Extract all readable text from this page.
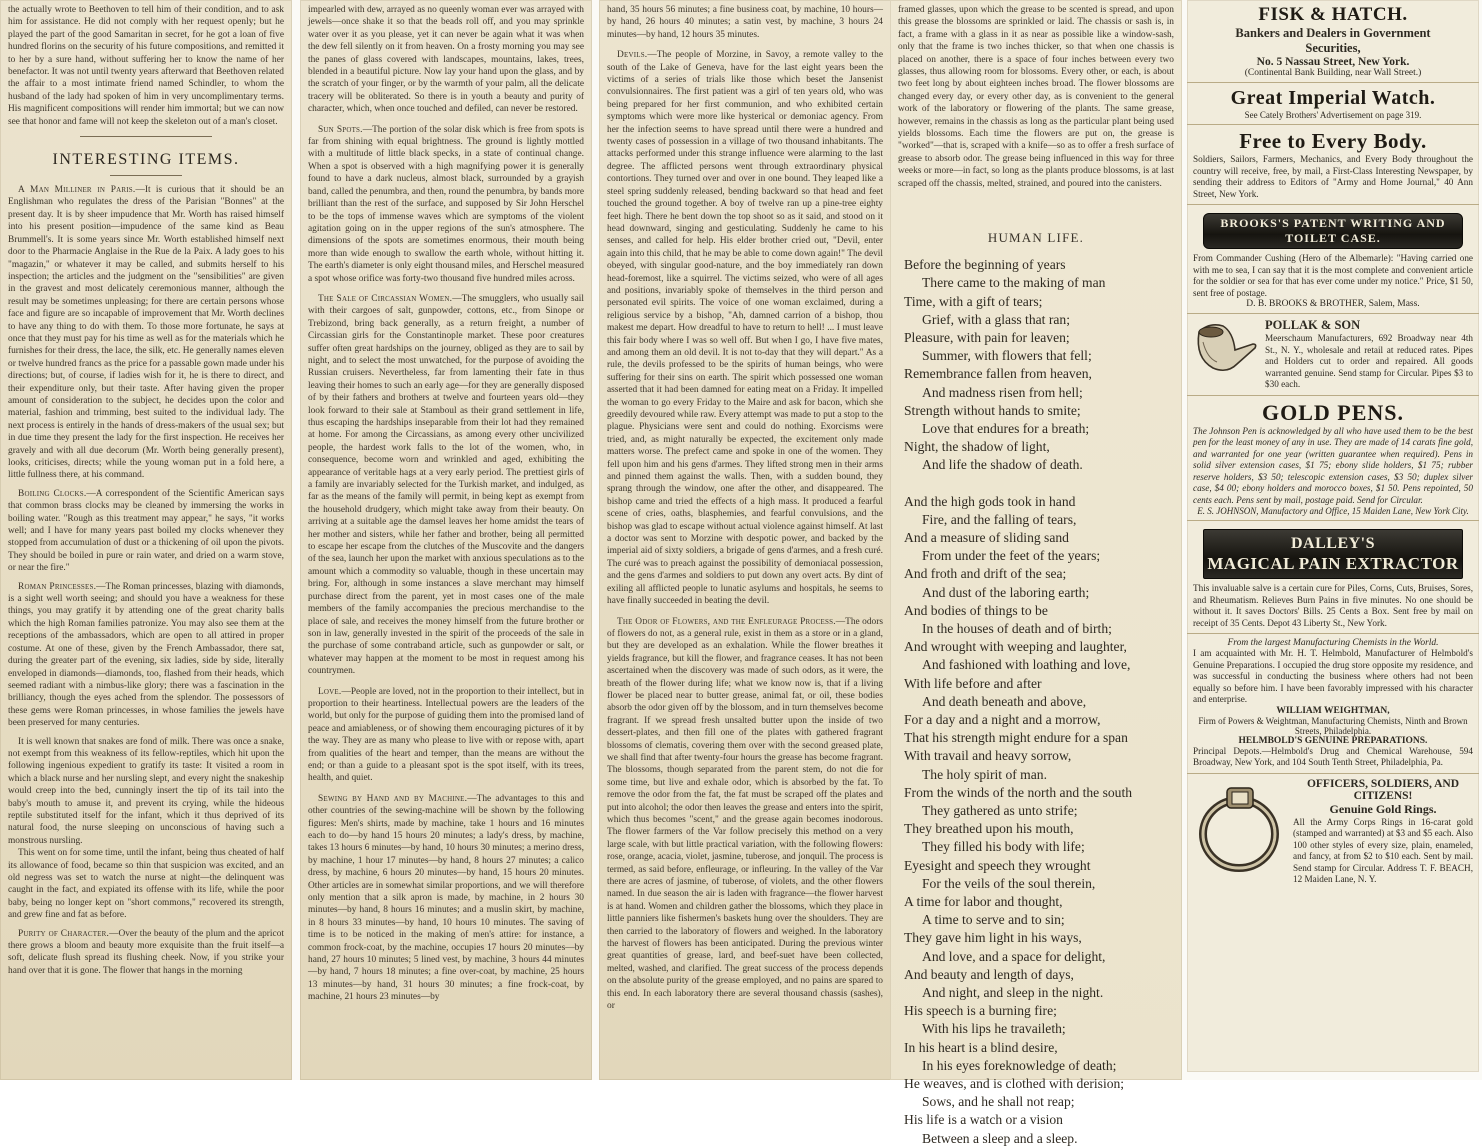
the actually wrote to Beethoven to tell him of their condition, and to ask him for assistance. He did not comply with her request openly; but he played the part of the good Samaritan in secret, for he got a loan of five hundred florins on the security of his future compositions, and remitted it to her by a sure hand, without suffering her to know the name of her benefactor. It was not until twenty years afterward that Beethoven related the affair to a most intimate friend named Schindler, to whom the husband of the lady had spoken of him in very uncomplimentary terms. His magnificent compositions will render him immortal; but we can now see that honor and fame will not keep the skeleton out of a man's closet.

INTERESTING ITEMS.

A Man Milliner in Paris.—It is curious that it should be an Englishman who regulates the dress of the Parisian "Bonnes" at the present day. It is by sheer impudence that Mr. Worth has raised himself into his present position—impudence of the same kind as Beau Brummell's. It is some years since Mr. Worth established himself next door to the Pharmacie Anglaise in the Rue de la Paix. A lady goes to his "magazin," or whatever it may be called, and submits herself to his inspection; the articles and the judgment on the "sensibilities" are given in the gravest and most delicately ceremonious manner, although the result may be sometimes unpleasing; for there are certain persons whose face and figure are so incapable of improvement that Mr. Worth declines to have any thing to do with them. To those more fortunate, he says at once that they must pay for his time as well as for the materials which he furnishes for their dress, the lace, the silk, etc. He generally names eleven or twelve hundred francs as the price for a passable gown made under his directions; but, of course, if ladies wish for it, he is there to direct, and their expenditure only, but their taste. After having given the proper amount of consideration to the subject, he decides upon the color and material, fashion and trimming, best suited to the individual lady. The next process is entirely in the hands of dress-makers of the usual sex; but in due time they present the lady for the first inspection. He receives her gravely and with all due decorum (Mr. Worth being generally present), looks, criticises, directs; while the young woman put in a fold here, a little fullness there, at his command.

Boiling Clocks.—A correspondent of the Scientific American says that common brass clocks may be cleaned by immersing the works in boiling water. "Rough as this treatment may appear," he says, "it works well; and I have for many years past boiled my clocks whenever they stopped from accumulation of dust or a thickening of oil upon the pivots. They should be boiled in pure or rain water, and dried on a warm stove, or near the fire."

Roman Princesses.—The Roman princesses, blazing with diamonds, is a sight well worth seeing; and should you have a weakness for these things, you may gratify it by attending one of the great charity balls which the high Roman families patronize. You may also see them at the receptions of the ambassadors, which are open to all attired in proper costume. At one of these, given by the French Ambassador, there sat, during the greater part of the evening, six ladies, side by side, literally enveloped in diamonds—diamonds, too, flashed from their heads, which seemed radiant with a nimbus-like glory; there was a fascination in the brilliancy, though the eyes ached from the splendor. The possessors of these gems were Roman princesses, in whose families the jewels have been preserved for many centuries.

It is well known that snakes are fond of milk. There was once a snake, not exempt from this weakness of its fellow-reptiles, which hit upon the following ingenious expedient to gratify its taste: It visited a room in which a black nurse and her nursling slept, and every night the snakeship would creep into the bed, cunningly insert the tip of its tail into the baby's mouth to amuse it, and prevent its crying, while the hideous reptile substituted itself for the infant, which it thus deprived of its natural food, the nurse sleeping on unconscious of having such a monstrous nursling.

This went on for some time, until the infant, being thus cheated of half its allowance of food, became so thin that suspicion was excited, and an old negress was set to watch the nurse at night—the delinquent was caught in the fact, and expiated its offense with its life, while the poor baby, being no longer kept on "short commons," recovered its strength, and grew fine and fat as before.

Purity of Character.—Over the beauty of the plum and the apricot there grows a bloom and beauty more exquisite than the fruit itself—a soft, delicate flush spread its flushing cheek. Now, if you strike your hand over that it is gone. The flower that hangs in the morning

impearled with dew, arrayed as no queenly woman ever was arrayed with jewels—once shake it so that the beads roll off, and you may sprinkle water over it as you please, yet it can never be again what it was when the dew fell silently on it from heaven. On a frosty morning you may see the panes of glass covered with landscapes, mountains, lakes, trees, blended in a beautiful picture. Now lay your hand upon the glass, and by the scratch of your finger, or by the warmth of your palm, all the delicate tracery will be obliterated. So there is in youth a beauty and purity of character, which, when once touched and defiled, can never be restored.

Sun Spots.—The portion of the solar disk which is free from spots is far from shining with equal brightness. The ground is lightly mottled with a multitude of little black specks, in a state of continual change. When a spot is observed with a high magnifying power it is generally found to have a dark nucleus, almost black, surrounded by a grayish band, called the penumbra, and then, round the penumbra, by bands more brilliant than the rest of the surface, and supposed by Sir John Herschel to be the tops of immense waves which are symptoms of the violent agitation going on in the upper regions of the sun's atmosphere. The dimensions of the spots are sometimes enormous, their mouth being more than wide enough to swallow the earth whole, without hitting it. The earth's diameter is only eight thousand miles, and Herschel measured a spot whose orifice was forty-two thousand five hundred miles across.

The Sale of Circassian Women.—The smugglers, who usually sail with their cargoes of salt, gunpowder, cottons, etc., from Sinope or Trebizond, bring back generally, as a return freight, a number of Circassian girls for the Constantinople market. These poor creatures suffer often great hardships on the journey, obliged as they are to sail by night, and to select the most unwatched, for the purpose of avoiding the Russian cruisers. Nevertheless, far from lamenting their fate in thus leaving their homes to such an early age—for they are generally disposed of by their fathers and brothers at twelve and fourteen years old—they look forward to their sale at Stamboul as their grand settlement in life, thus escaping the hardships inseparable from their lot had they remained at home. For among the Circassians, as among every other uncivilized people, the hardest work falls to the lot of the women, who, in consequence, become worn and wrinkled and aged, exhibiting the appearance of veritable hags at a very early period. The prettiest girls of a family are invariably selected for the Turkish market, and indulged, as far as the means of the family will permit, in being kept as exempt from the household drudgery, which might take away from their beauty. On arriving at a suitable age the damsel leaves her home amidst the tears of her mother and sisters, while her father and brother, being all permitted to escape her escape from the clutches of the Muscovite and the dangers of the sea, launch her upon the market with anxious speculations as to the amount which a commodity so valuable, though in these uncertain may bring. For, although in some instances a slave merchant may himself purchase direct from the parent, yet in most cases one of the male members of the family accompanies the precious merchandise to the place of sale, and receives the money himself from the future brother or son in law, generally invested in the spirit of the proceeds of the sale in the purchase of some contraband article, such as gunpowder or salt, or whatever may happen at the moment to be most in request among his countrymen.

Love.—People are loved, not in the proportion to their intellect, but in proportion to their heartiness. Intellectual powers are the leaders of the world, but only for the purpose of guiding them into the promised land of peace and amiableness, or of showing them encouraging pictures of it by the way. They are as many who please to live with or repose with, apart from qualities of the heart and temper, than the means are without the end; or than a guide to a pleasant spot is the spot itself, with its trees, health, and quiet.

Sewing by Hand and by Machine.—The advantages to this and other countries of the sewing-machine will be shown by the following figures: Men's shirts, made by machine, take 1 hours and 16 minutes each to do—by hand 15 hours 20 minutes; a lady's dress, by machine, takes 13 hours 6 minutes—by hand, 10 hours 30 minutes; a merino dress, by machine, 1 hour 17 minutes—by hand, 8 hours 27 minutes; a calico dress, by machine, 6 hours 20 minutes—by hand, 15 hours 20 minutes. Other articles are in somewhat similar proportions, and we will therefore only mention that a silk apron is made, by machine, in 2 hours 30 minutes—by hand, 8 hours 16 minutes; and a muslin skirt, by machine, in 8 hours 33 minutes—by hand, 10 hours 10 minutes. The saving of time is to be noticed in the making of men's attire: for instance, a common frock-coat, by the machine, occupies 17 hours 20 minutes—by hand, 27 hours 10 minutes; 5 lined vest, by machine, 3 hours 44 minutes—by hand, 7 hours 18 minutes; a fine over-coat, by machine, 25 hours 13 minutes—by hand, 31 hours 30 minutes; a fine frock-coat, by machine, 21 hours 23 minutes—by

hand, 35 hours 56 minutes; a fine business coat, by machine, 10 hours—by hand, 26 hours 40 minutes; a satin vest, by machine, 3 hours 24 minutes—by hand, 12 hours 35 minutes.

Devils.—The people of Morzine, in Savoy, a remote valley to the south of the Lake of Geneva, have for the last eight years been the victims of a series of trials like those which beset the Jansenist convulsionnaires. The first patient was a girl of ten years old, who was being prepared for her first communion, and who exhibited certain symptoms which were more like hysterical or demoniac agency. From her the infection seems to have spread until there were a hundred and twenty cases of possession in a village of two thousand inhabitants. The attacks performed under this strange influence were alarming to the last degree. The afflicted persons went through extraordinary physical contortions. They turned over and over in one bound. They leaped like a steel spring suddenly released, bending backward so that head and feet touched the ground together. A boy of twelve ran up a pine-tree eighty feet high. There he bent down the top shoot so as it said, and stood on it head downward, singing and gesticulating. Suddenly he came to his senses, and called for help. His elder brother cried out, "Devil, enter again into this child, that he may be able to come down again!" The devil obeyed, with singular good-nature, and the boy immediately ran down head-foremost, like a squirrel. The victims seized, who were of all ages and positions, invariably spoke of themselves in the third person and personated evil spirits. The voice of one woman exclaimed, during a religious service by a bishop, "Ah, damned carrion of a bishop, thou makest me depart. How dreadful to have to return to hell! ... I must leave this fair body where I was so well off. But when I go, I have five mates, and among them an old devil. It is not to-day that they will depart." As a rule, the devils professed to be the spirits of human beings, who were suffering for their sins on earth. The spirit which possessed one woman asserted that it had been damned for eating meat on a Friday. It impelled the woman to go every Friday to the Maire and ask for bacon, which she greedily devoured while raw. Every attempt was made to put a stop to the plague. Physicians were sent and could do nothing. Exorcisms were tried, and, as might naturally be expected, the excitement only made matters worse. The prefect came and spoke in one of the women. They fell upon him and his gens d'armes. They lifted strong men in their arms and pinned them against the walls. Then, with a sudden bound, they sprang through the window, one after the other, and disappeared. The bishop came and tried the effects of a high mass. It produced a fearful scene of cries, oaths, blasphemies, and fearful convulsions, and the bishop was glad to escape without actual violence against himself. At last a doctor was sent to Morzine with despotic power, and backed by the imperial aid of sixty soldiers, a brigade of gens d'armes, and a fresh curé. The curé was to preach against the possibility of demoniacal possession, and the gens d'armes and soldiers to put down any overt acts. By dint of exiling all afflicted people to lunatic asylums and hospitals, he seems to have finally succeeded in beating the devil.

The Odor of Flowers, and the Enfleurage Process.—The odors of flowers do not, as a general rule, exist in them as a store or in a gland, but they are developed as an exhalation. While the flower breathes it yields fragrance, but kill the flower, and fragrance ceases. It has not been ascertained when the discovery was made of such odors, as it were, the breath of the flower during life; what we know now is, that if a living flower be placed near to butter grease, animal fat, or oil, these bodies absorb the odor given off by the blossom, and in turn themselves become fragrant. If we spread fresh unsalted butter upon the inside of two dessert-plates, and then fill one of the plates with gathered fragrant blossoms of clematis, covering them over with the second greased plate, we shall find that after twenty-four hours the grease has become fragrant. The blossoms, though separated from the parent stem, do not die for some time, but live and exhale odor, which is absorbed by the fat. To remove the odor from the fat, the fat must be scraped off the plates and put into alcohol; the odor then leaves the grease and enters into the spirit, which thus becomes "scent," and the grease again becomes inodorous. The flower farmers of the Var follow precisely this method on a very large scale, with but little practical variation, with the following flowers: rose, orange, acacia, violet, jasmine, tuberose, and jonquil. The process is termed, as said before, enfleurage, or infleuring. In the valley of the Var there are acres of jasmine, of tuberose, of violets, and the other flowers named. In due season the air is laden with fragrance—the flower harvest is at hand. Women and children gather the blossoms, which they place in little panniers like fishermen's baskets hung over the shoulders. They are then carried to the laboratory of flowers and weighed. In the laboratory the harvest of flowers has been anticipated. During the previous winter great quantities of grease, lard, and beef-suet have been collected, melted, washed, and clarified. The great success of the process depends on the absolute purity of the grease employed, and no pains are spared to this end. In each laboratory there are several thousand chassis (sashes), or

framed glasses, upon which the grease to be scented is spread, and upon this grease the blossoms are sprinkled or laid. The chassis or sash is, in fact, a frame with a glass in it as near as possible like a window-sash, only that the frame is two inches thicker, so that when one chassis is placed on another, there is a space of four inches between every two glasses, thus allowing room for blossoms. Every other, or each, is about two feet long by about eighteen inches broad. The flower blossoms are changed every day, or every other day, as is convenient to the general work of the laboratory or flowering of the plants. The same grease, however, remains in the chassis as long as the particular plant being used yields blossoms. Each time the flowers are put on, the grease is "worked"—that is, scraped with a knife—so as to offer a fresh surface of grease to absorb odor. The grease being influenced in this way for three weeks or more—in fact, so long as the plants produce blossoms, is at last scraped off the chassis, melted, strained, and poured into the canisters.

HUMAN LIFE.
Before the beginning of years
There came to the making of man
Time, with a gift of tears;
Grief, with a glass that ran;
Pleasure, with pain for leaven;
Summer, with flowers that fell;
Remembrance fallen from heaven,
And madness risen from hell;
Strength without hands to smite;
Love that endures for a breath;
Night, the shadow of light,
And life the shadow of death.
And the high gods took in hand
Fire, and the falling of tears,
And a measure of sliding sand
From under the feet of the years;
And froth and drift of the sea;
And dust of the laboring earth;
And bodies of things to be
In the houses of death and of birth;
And wrought with weeping and laughter,
And fashioned with loathing and love,
With life before and after
And death beneath and above,
For a day and a night and a morrow,
That his strength might endure for a span
With travail and heavy sorrow,
The holy spirit of man.
From the winds of the north and the south
They gathered as unto strife;
They breathed upon his mouth,
They filled his body with life;
Eyesight and speech they wrought
For the veils of the soul therein,
A time for labor and thought,
A time to serve and to sin;
They gave him light in his ways,
And love, and a space for delight,
And beauty and length of days,
And night, and sleep in the night.
His speech is a burning fire;
With his lips he travaileth;
In his heart is a blind desire,
In his eyes foreknowledge of death;
He weaves, and is clothed with derision;
Sows, and he shall not reap;
His life is a watch or a vision
Between a sleep and a sleep.
FISK & HATCH.
Bankers and Dealers in Government
Securities,
No. 5 Nassau Street, New York.
(Continental Bank Building, near Wall Street.)
Great Imperial Watch.
See Cately Brothers' Advertisement on page 319.
Free to Every Body.
Soldiers, Sailors, Farmers, Mechanics, and Every Body throughout the country will receive, free, by mail, a First-Class Interesting Newspaper, by sending their address to Editors of "Army and Home Journal," 40 Ann Street, New York.
BROOKS'S PATENT WRITING AND TOILET CASE.
From Commander Cushing (Hero of the Albemarle): "Having carried one with me to sea, I can say that it is the most complete and convenient article for the soldier or sea for that has ever come under my notice." Price, $1 50, sent free of postage.
D. B. BROOKS & BROTHER, Salem, Mass.
POLLAK & SON
Meerschaum Manufacturers, 692 Broadway near 4th St., N. Y., wholesale and retail at reduced rates. Pipes and Holders cut to order and repaired. All goods warranted genuine. Send stamp for Circular. Pipes $3 to $30 each.
GOLD PENS.
The Johnson Pen is acknowledged by all who have used them to be the best pen for the least money of any in use. They are made of 14 carats fine gold, and warranted for one year (written guarantee when required). Pens in solid silver extension cases, $1 75; ebony slide holders, $1 75; rubber reserve holders, $3 50; telescopic extension cases, $3 50; duplex silver case, $4 00; ebony holders and morocco boxes, $1 50. Pens repointed, 50 cents each. Pens sent by mail, postage paid. Send for Circular.
E. S. JOHNSON, Manufactory and Office, 15 Maiden Lane, New York City.
DALLEY'S
MAGICAL PAIN EXTRACTOR
This invaluable salve is a certain cure for Piles, Corns, Cuts, Bruises, Sores, and Rheumatism. Relieves Burn Pains in five minutes. No one should be without it. It saves Doctors' Bills. 25 Cents a Box. Sent free by mail on receipt of 35 Cents. Depot 43 Liberty St., New York.
From the largest Manufacturing Chemists in the World.
I am acquainted with Mr. H. T. Helmbold, Manufacturer of Helmbold's Genuine Preparations. I occupied the drug store opposite my residence, and was successful in conducting the business where others had not been equally so before him. I have been favorably impressed with his character and enterprise.
WILLIAM WEIGHTMAN,
Firm of Powers & Weightman, Manufacturing Chemists, Ninth and Brown Streets, Philadelphia.
HELMBOLD'S GENUINE PREPARATIONS.
Principal Depots.—Helmbold's Drug and Chemical Warehouse, 594 Broadway, New York, and 104 South Tenth Street, Philadelphia, Pa.
OFFICERS, SOLDIERS, AND CITIZENS!
Genuine Gold Rings.
All the Army Corps Rings in 16-carat gold (stamped and warranted) at $3 and $5 each. Also 100 other styles of every size, plain, enameled, and fancy, at from $2 to $10 each. Sent by mail. Send stamp for Circular. Address T. F. BEACH, 12 Maiden Lane, N. Y.
